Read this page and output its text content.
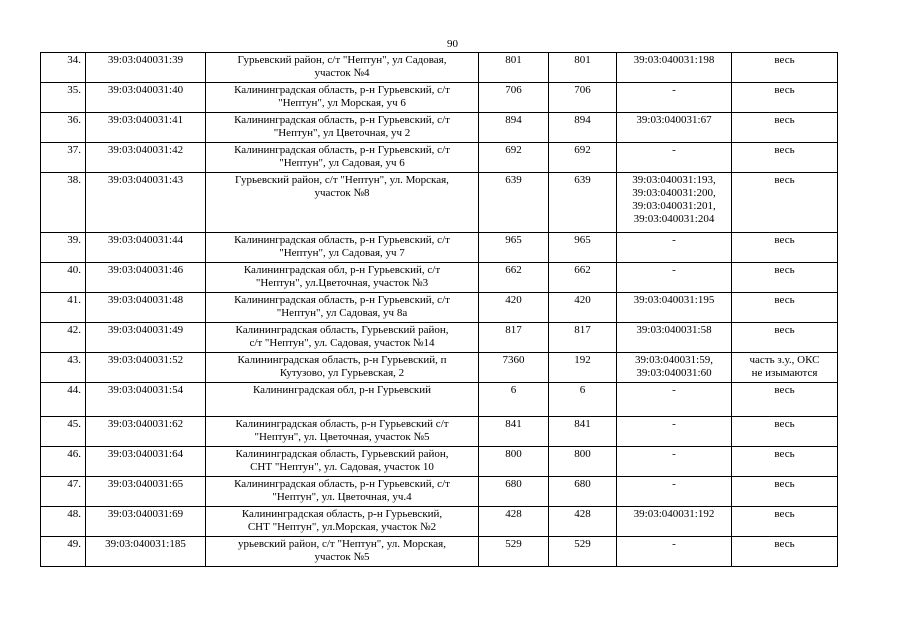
90
34.	39:03:040031:39	Гурьевский район, с/т "Нептун", ул Садовая,
участок №4	801	801	39:03:040031:198	весь

35.	39:03:040031:40	Калининградская область, р-н Гурьевский, с/т
"Нептун", ул Морская, уч 6	706	706	-	весь

36.	39:03:040031:41	Калининградская область, р-н Гурьевский, с/т
"Нептун", ул Цветочная, уч 2	894	894	39:03:040031:67	весь

37.	39:03:040031:42	Калининградская область, р-н Гурьевский, с/т
"Нептун", ул Садовая, уч 6	692	692	-	весь

38.	39:03:040031:43	Гурьевский район, с/т "Нептун", ул. Морская,
участок №8	639	639	39:03:040031:193,
39:03:040031:200,
39:03:040031:201,
39:03:040031:204	весь

39.	39:03:040031:44	Калининградская область, р-н Гурьевский, с/т
"Нептун", ул Садовая, уч 7	965	965	-	весь

40.	39:03:040031:46	Калининградская обл, р-н Гурьевский, с/т
"Нептун", ул.Цветочная, участок №3	662	662	-	весь

41.	39:03:040031:48	Калининградская область, р-н Гурьевский, с/т
"Нептун", ул Садовая, уч 8а	420	420	39:03:040031:195	весь

42.	39:03:040031:49	Калининградская область, Гурьевский район,
с/т "Нептун", ул. Садовая, участок №14	817	817	39:03:040031:58	весь

43.	39:03:040031:52	Калининградская область, р-н Гурьевский, п
Кутузово, ул Гурьевская, 2	7360	192	39:03:040031:59,
39:03:040031:60	часть з.у., ОКС
не изымаются

44.	39:03:040031:54	Калининградская обл, р-н Гурьевский	6	6	-	весь

45.	39:03:040031:62	Калининградская область, р-н Гурьевский с/т
"Нептун", ул. Цветочная, участок №5	841	841	-	весь

46.	39:03:040031:64	Калининградская область, Гурьевский район,
СНТ "Нептун", ул. Садовая, участок 10	800	800	-	весь

47.	39:03:040031:65	Калининградская область, р-н Гурьевский, с/т
"Нептун", ул. Цветочная, уч.4	680	680	-	весь

48.	39:03:040031:69	Калининградская область, р-н Гурьевский,
СНТ "Нептун", ул.Морская, участок №2	428	428	39:03:040031:192	весь

49.	39:03:040031:185	урьевский район, с/т "Нептун", ул. Морская,
участок №5	529	529	-	весь
